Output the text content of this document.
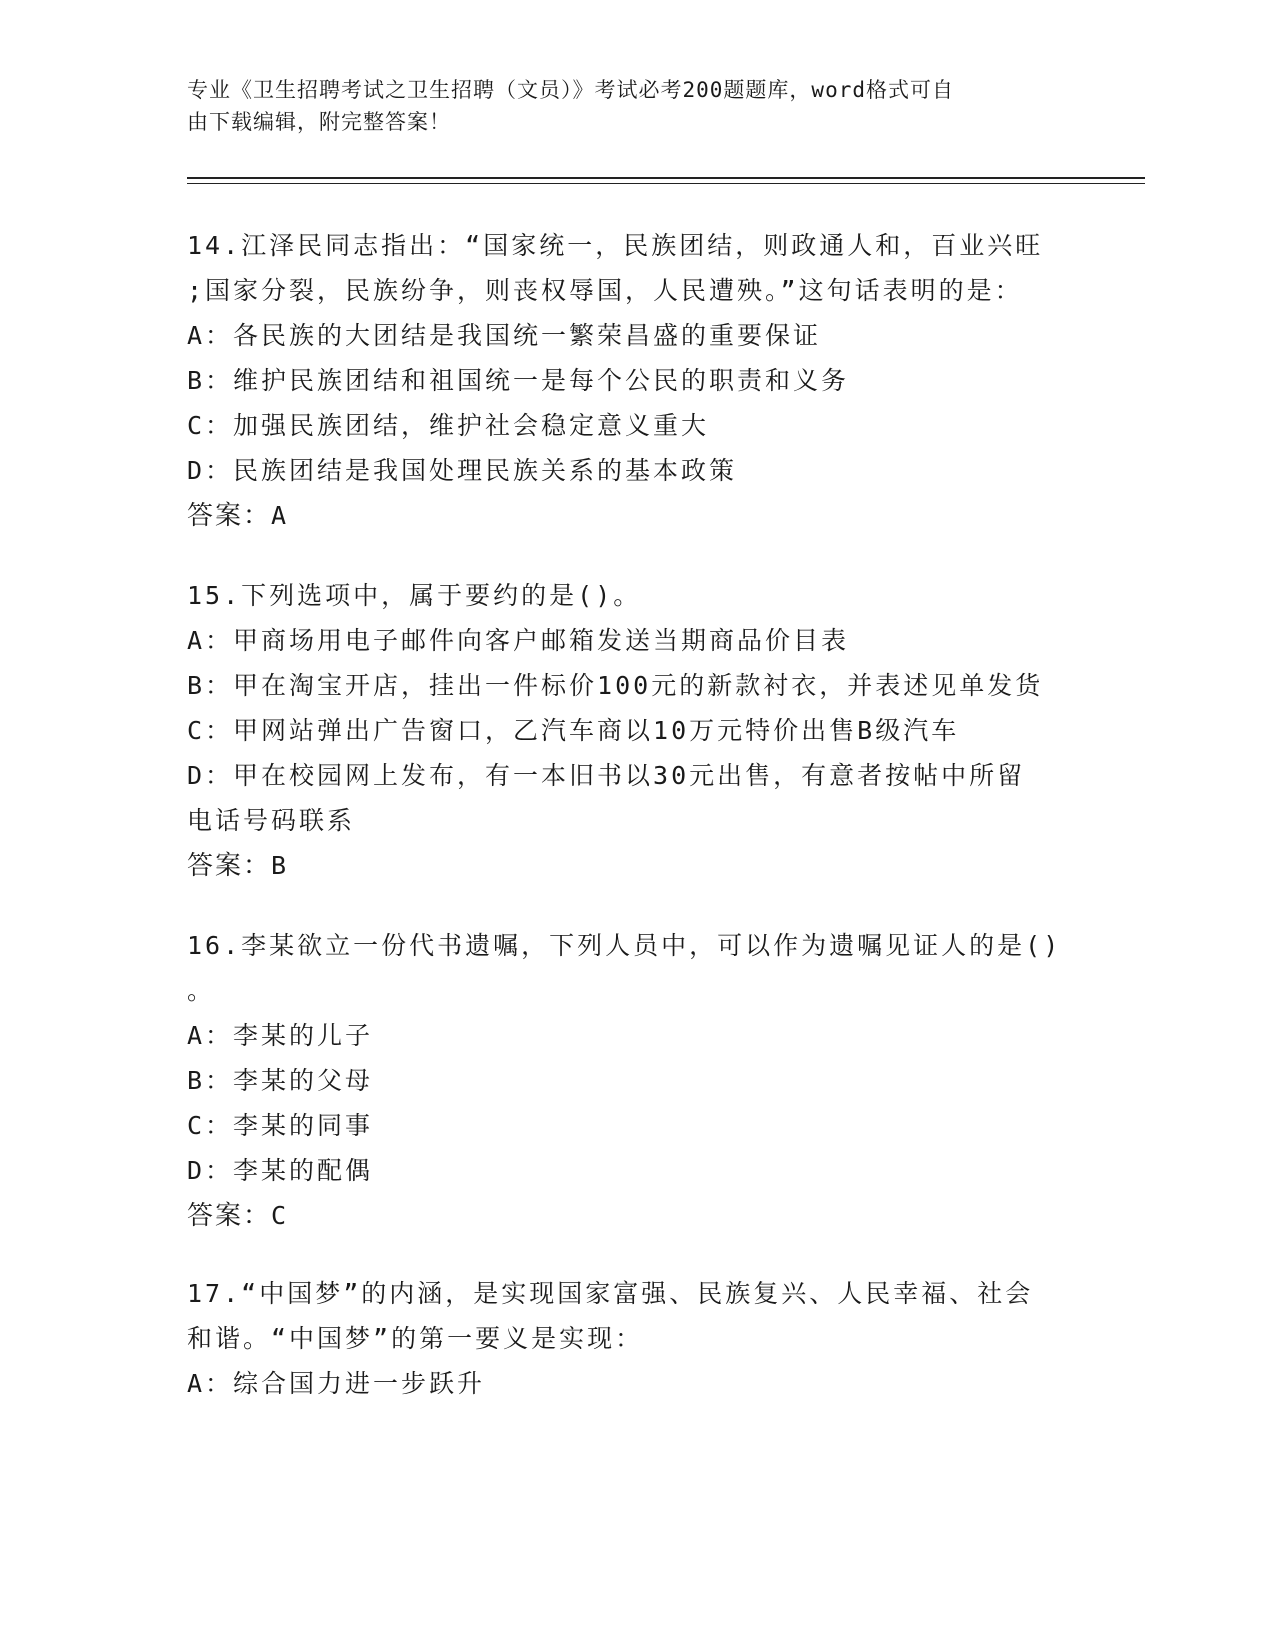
专业《卫生招聘考试之卫生招聘（文员）》考试必考200题题库，word格式可自
由下载编辑，附完整答案！
14.江泽民同志指出：“国家统一，民族团结，则政通人和，百业兴旺
;国家分裂，民族纷争，则丧权辱国，人民遭殃。”这句话表明的是：
A：各民族的大团结是我国统一繁荣昌盛的重要保证
B：维护民族团结和祖国统一是每个公民的职责和义务
C：加强民族团结，维护社会稳定意义重大
D：民族团结是我国处理民族关系的基本政策
答案：A
15.下列选项中，属于要约的是()。
A：甲商场用电子邮件向客户邮箱发送当期商品价目表
B：甲在淘宝开店，挂出一件标价100元的新款衬衣，并表述见单发货
C：甲网站弹出广告窗口，乙汽车商以10万元特价出售B级汽车
D：甲在校园网上发布，有一本旧书以30元出售，有意者按帖中所留
电话号码联系
答案：B
16.李某欲立一份代书遗嘱，下列人员中，可以作为遗嘱见证人的是()
。
A：李某的儿子
B：李某的父母
C：李某的同事
D：李某的配偶
答案：C
17.“中国梦”的内涵，是实现国家富强、民族复兴、人民幸福、社会
和谐。“中国梦”的第一要义是实现：
A：综合国力进一步跃升
